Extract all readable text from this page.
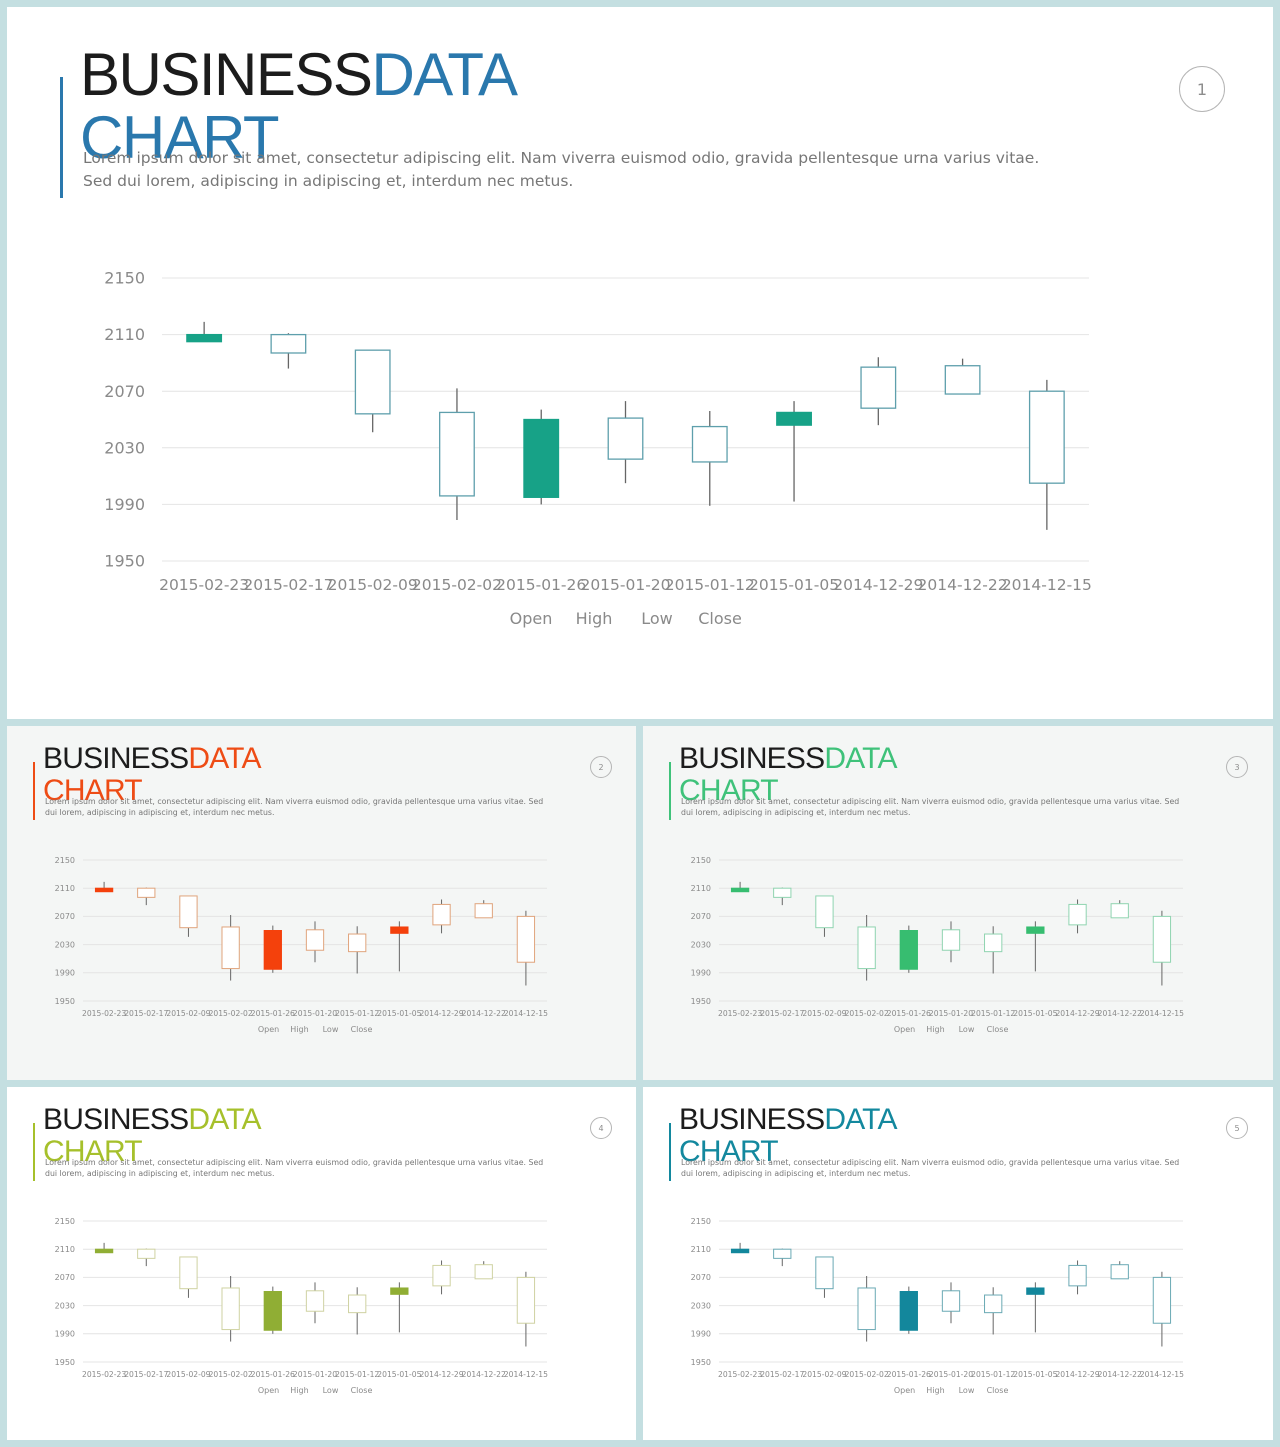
BUSINESSDATACHART

Lorem ipsum dolor sit amet, consectetur adipiscing elit. Nam viverra euismod odio, gravida pellentesque urna varius vitae. Sed dui lorem, adipiscing in adipiscing et, interdum nec metus.

1
1950
1990
2030
2070
2110
2150
2015-02-23
2015-02-17
2015-02-09
2015-02-02
2015-01-26
2015-01-20
2015-01-12
2015-01-05
2014-12-29
2014-12-22
2014-12-15
Open High Low Close
BUSINESSDATACHART

Lorem ipsum dolor sit amet, consectetur adipiscing elit. Nam viverra euismod odio, gravida pellentesque urna varius vitae. Sed dui lorem, adipiscing in adipiscing et, interdum nec metus.

2
1950
1990
2030
2070
2110
2150
2015-02-23
2015-02-17
2015-02-09
2015-02-02
2015-01-26
2015-01-20
2015-01-12
2015-01-05
2014-12-29
2014-12-22
2014-12-15
Open High Low Close
BUSINESSDATACHART

Lorem ipsum dolor sit amet, consectetur adipiscing elit. Nam viverra euismod odio, gravida pellentesque urna varius vitae. Sed dui lorem, adipiscing in adipiscing et, interdum nec metus.

3
1950
1990
2030
2070
2110
2150
2015-02-23
2015-02-17
2015-02-09
2015-02-02
2015-01-26
2015-01-20
2015-01-12
2015-01-05
2014-12-29
2014-12-22
2014-12-15
Open High Low Close
BUSINESSDATACHART

Lorem ipsum dolor sit amet, consectetur adipiscing elit. Nam viverra euismod odio, gravida pellentesque urna varius vitae. Sed dui lorem, adipiscing in adipiscing et, interdum nec metus.

4
1950
1990
2030
2070
2110
2150
2015-02-23
2015-02-17
2015-02-09
2015-02-02
2015-01-26
2015-01-20
2015-01-12
2015-01-05
2014-12-29
2014-12-22
2014-12-15
Open High Low Close
BUSINESSDATACHART

Lorem ipsum dolor sit amet, consectetur adipiscing elit. Nam viverra euismod odio, gravida pellentesque urna varius vitae. Sed dui lorem, adipiscing in adipiscing et, interdum nec metus.

5
1950
1990
2030
2070
2110
2150
2015-02-23
2015-02-17
2015-02-09
2015-02-02
2015-01-26
2015-01-20
2015-01-12
2015-01-05
2014-12-29
2014-12-22
2014-12-15
Open High Low Close
